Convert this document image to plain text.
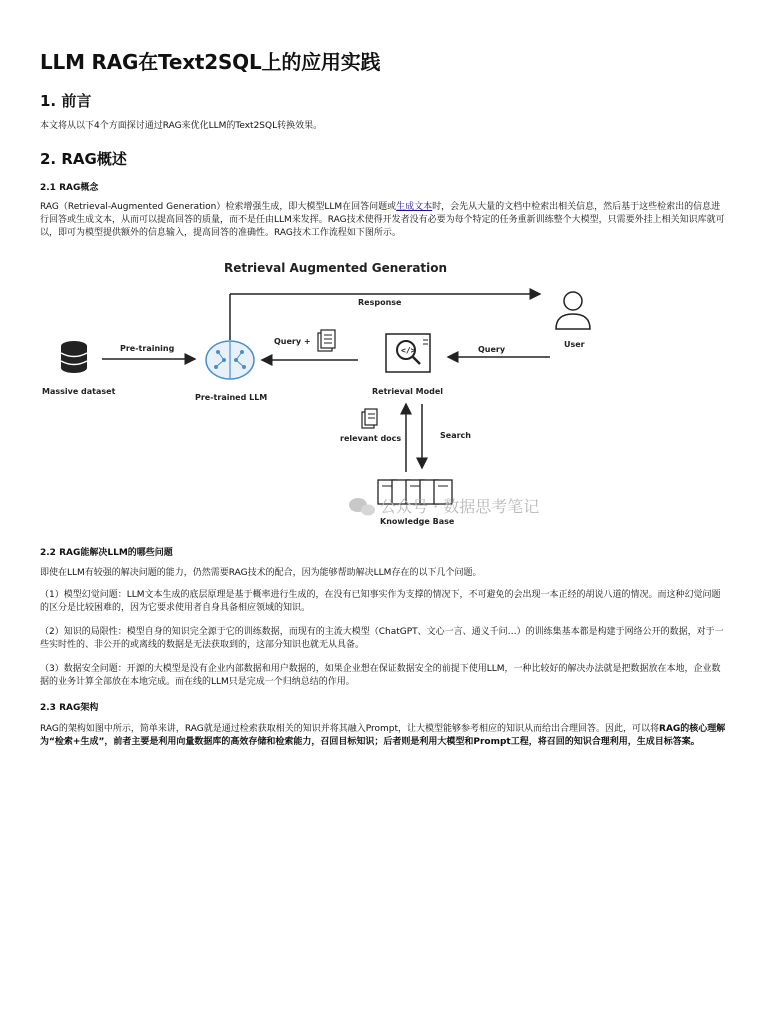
LLM RAG在Text2SQL上的应用实践
1. 前言

本文将从以下4个方面探讨通过RAG来优化LLM的Text2SQL转换效果。

2. RAG概述
2.1 RAG概念

RAG（Retrieval-Augmented Generation）检索增强生成，即大模型LLM在回答问题或生成文本时，会先从大量的文档中检索出相关信息，然后基于这些检索出的信息进行回答或生成文本，从而可以提高回答的质量，而不是任由LLM来发挥。RAG技术使得开发者没有必要为每个特定的任务重新训练整个大模型，只需要外挂上相关知识库就可以，即可为模型提供额外的信息输入，提高回答的准确性。RAG技术工作流程如下图所示。

Retrieval Augmented Generation
Response
User
Query
Massive dataset
Pre-training
Pre-trained LLM
Query +
</>
Retrieval Model
relevant docs	Search
Knowledge Base
公众号 · 数据思考笔记
2.2 RAG能解决LLM的哪些问题

即使在LLM有较强的解决问题的能力，仍然需要RAG技术的配合，因为能够帮助解决LLM存在的以下几个问题。

（1）模型幻觉问题：LLM文本生成的底层原理是基于概率进行生成的，在没有已知事实作为支撑的情况下，不可避免的会出现一本正经的胡说八道的情况。而这种幻觉问题的区分是比较困难的，因为它要求使用者自身具备相应领域的知识。

（2）知识的局限性：模型自身的知识完全源于它的训练数据，而现有的主流大模型（ChatGPT、文心一言、通义千问…）的训练集基本都是构建于网络公开的数据，对于一些实时性的、非公开的或离线的数据是无法获取到的，这部分知识也就无从具备。

（3）数据安全问题：开源的大模型是没有企业内部数据和用户数据的，如果企业想在保证数据安全的前提下使用LLM，一种比较好的解决办法就是把数据放在本地，企业数据的业务计算全部放在本地完成。而在线的LLM只是完成一个归纳总结的作用。

2.3 RAG架构

RAG的架构如图中所示，简单来讲，RAG就是通过检索获取相关的知识并将其融入Prompt，让大模型能够参考相应的知识从而给出合理回答。因此，可以将RAG的核心理解为“检索+生成”，前者主要是利用向量数据库的高效存储和检索能力，召回目标知识；后者则是利用大模型和Prompt工程，将召回的知识合理利用，生成目标答案。
